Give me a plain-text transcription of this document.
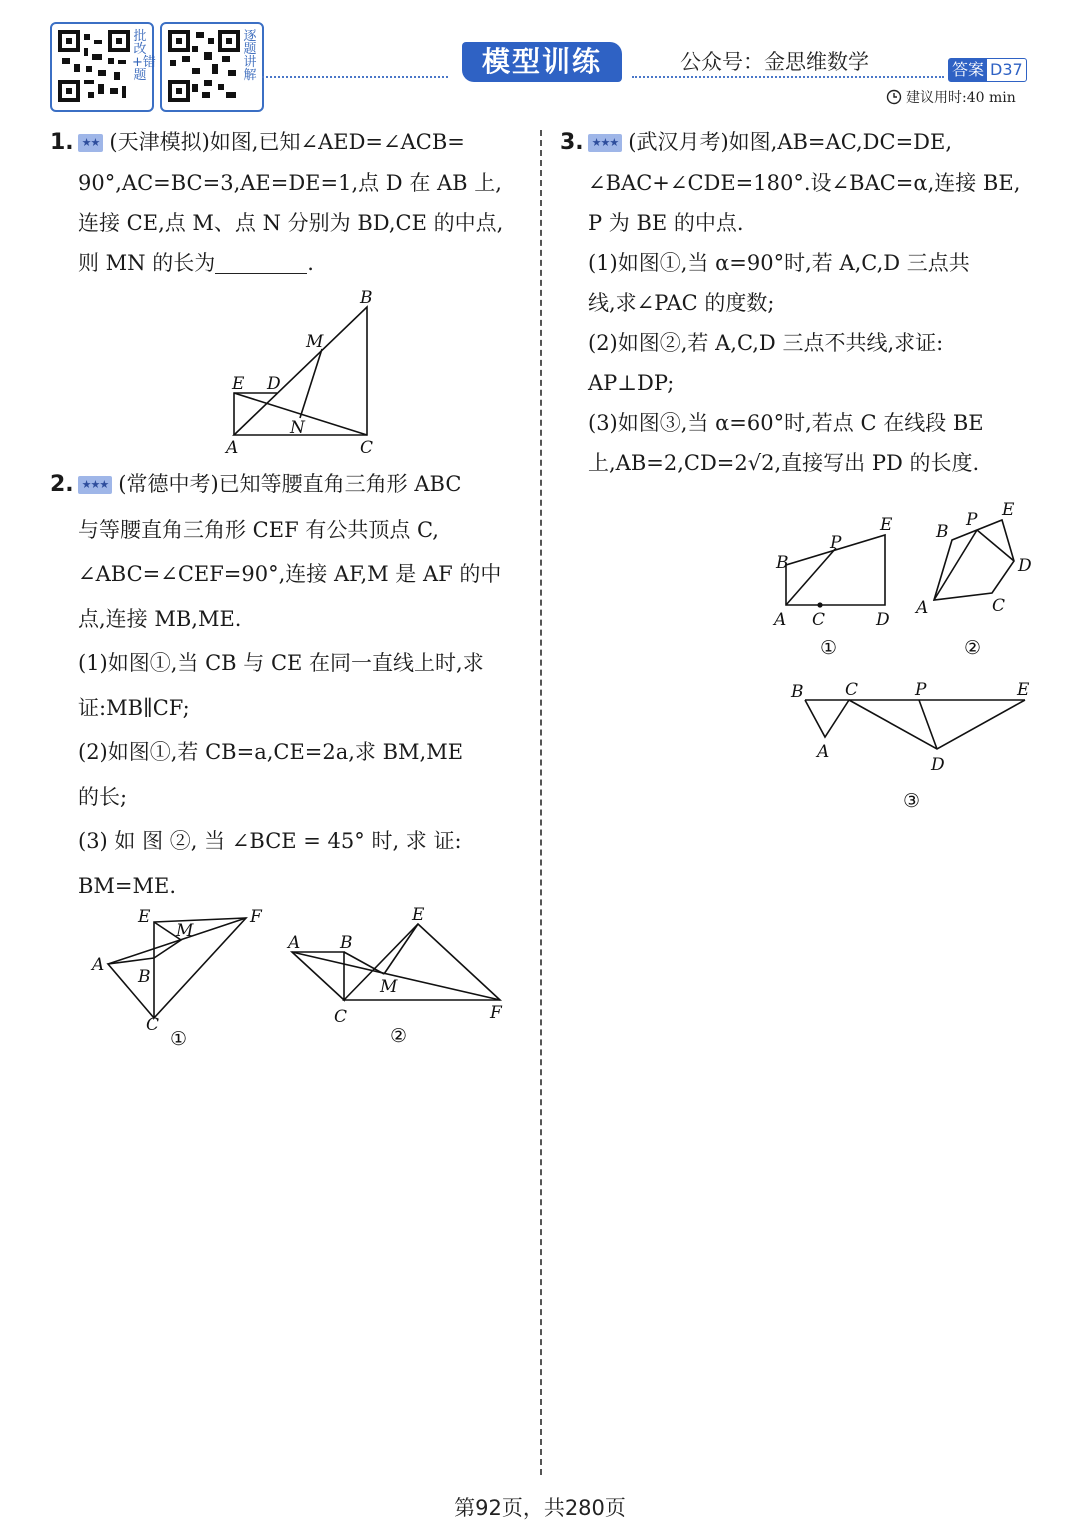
批改+错题
逐题讲解	模型训练	公众号：金思维数学	答案 D37
建议用时:40 min

1. ★★ (天津模拟)如图,已知∠AED=∠ACB=

90°,AC=BC=3,AE=DE=1,点 D 在 AB 上,

连接 CE,点 M、点 N 分别为 BD,CE 的中点,

则 MN 的长为	.

B
M
E D
N
A	C

2. ★★★ (常德中考)已知等腰直角三角形 ABC

与等腰直角三角形 CEF 有公共顶点 C,

∠ABC=∠CEF=90°,连接 AF,M 是 AF 的中

点,连接 MB,ME.

(1)如图①,当 CB 与 CE 在同一直线上时,求

证:MB∥CF;

(2)如图①,若 CB=a,CE=2a,求 BM,ME

的长;

(3) 如 图 ②, 当 ∠BCE = 45° 时, 求 证:

BM=ME.

E	F
M
A
B
C
①
A B
E
M
C	F
②

3. ★★★ (武汉月考)如图,AB=AC,DC=DE,

∠BAC+∠CDE=180°.设∠BAC=α,连接 BE,

P 为 BE 的中点.

(1)如图①,当 α=90°时,若 A,C,D 三点共

线,求∠PAC 的度数;

(2)如图②,若 A,C,D 三点不共线,求证:

AP⊥DP;

(3)如图③,当 α=60°时,若点 C 在线段 BE

上,AB=2,CD=2√2,直接写出 PD 的长度.

E
P
B
A C	D
①
E
P
B
D
C
A
②
B C	P	E
A
D
③
第92页，共280页
